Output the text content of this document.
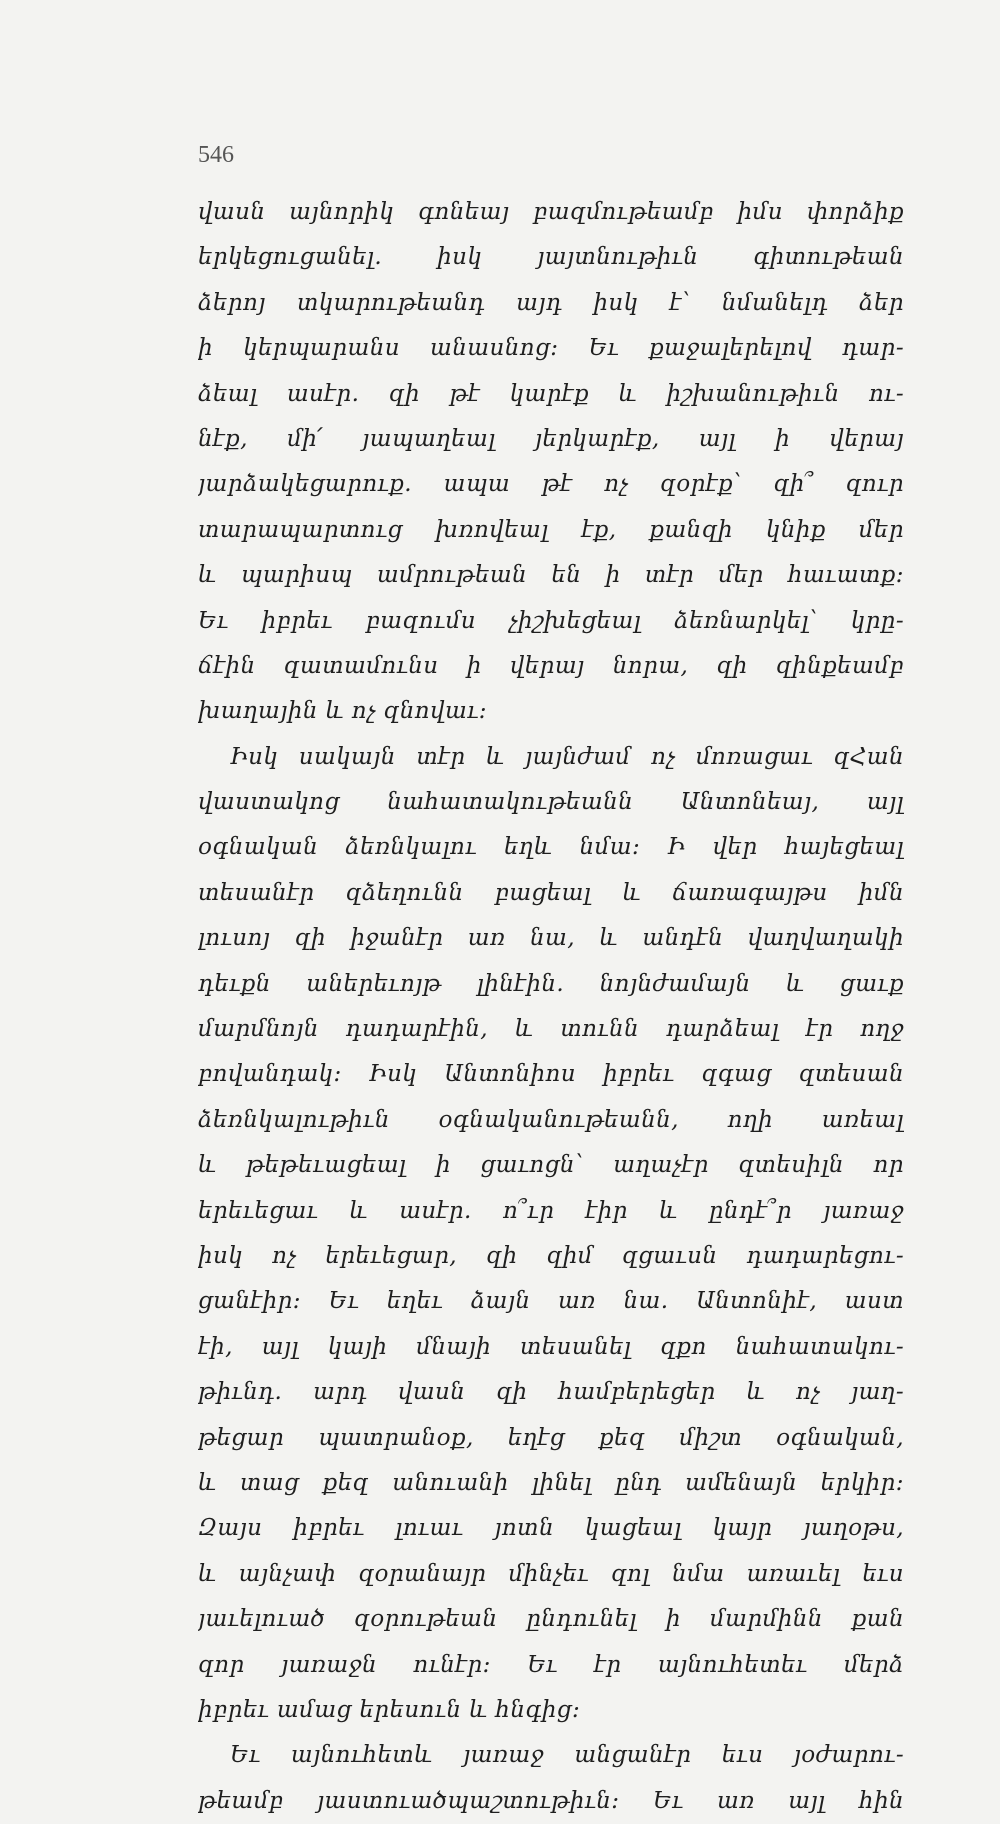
546
վասն այնորիկ գոնեայ բազմութեամբ իմս փորձիք
երկեցուցանել. իսկ յայտնութիւն գիտութեան
ձերոյ տկարութեանդ այդ իսկ է՝ նմանելդ ձեր
ի կերպարանս անասնոց։ Եւ քաջալերելով դար-
ձեալ ասէր. զի թէ կարէք և իշխանութիւն ու-
նէք, մի՛ յապաղեալ յերկարէք, այլ ի վերայ
յարձակեցարուք. ապա թէ ոչ զօրէք՝ զի՞ զուր
տարապարտուց խռովեալ էք, քանզի կնիք մեր
և պարիսպ ամրութեան են ի տէր մեր հաւատք։
Եւ իբրեւ բազումս չիշխեցեալ ձեռնարկել՝ կրը-
ճէին զատամունս ի վերայ նորա, զի զինքեամբ
խաղային և ոչ զնովաւ։
Իսկ սակայն տէր և յայնժամ ոչ մոռացաւ զՀան
վաստակոց նահատակութեանն Անտոնեայ, այլ
օգնական ձեռնկալու եղև նմա։ Ի վեր հայեցեալ
տեսանէր զձեղունն բացեալ և ճառագայթս իմն
լուսոյ զի իջանէր առ նա, և անդէն վաղվաղակի
դեւքն աներեւոյթ լինէին. նոյնժամայն և ցաւք
մարմնոյն դադարէին, և տունն դարձեալ էր ողջ
բովանդակ։ Իսկ Անտոնիոս իբրեւ զգաց զտեսան
ձեռնկալութիւն օգնականութեանն, ողի առեալ
և թեթեւացեալ ի ցաւոցն՝ աղաչէր զտեսիլն որ
երեւեցաւ և ասէր. ո՞ւր էիր և ընդէ՞ր յառաջ
իսկ ոչ երեւեցար, զի զիմ զցաւսն դադարեցու-
ցանէիր։ Եւ եղեւ ձայն առ նա. Անտոնիէ, աստ
էի, այլ կայի մնայի տեսանել զքո նահատակու-
թիւնդ. արդ վասն զի համբերեցեր և ոչ յաղ-
թեցար պատրանօք, եղէց քեզ միշտ օգնական,
և տաց քեզ անուանի լինել ընդ ամենայն երկիր։
Զայս իբրեւ լուաւ յոտն կացեալ կայր յաղօթս,
և այնչափ զօրանայր մինչեւ զոլ նմա առաւել եւս
յաւելուած զօրութեան ընդունել ի մարմինն քան
զոր յառաջն ունէր։ Եւ էր այնուհետեւ մերձ
իբրեւ ամաց երեսուն և հնգից։
Եւ այնուհետև յառաջ անցանէր եւս յօժարու-
թեամբ յաստուածպաշտութիւն։ Եւ առ այլ հին
